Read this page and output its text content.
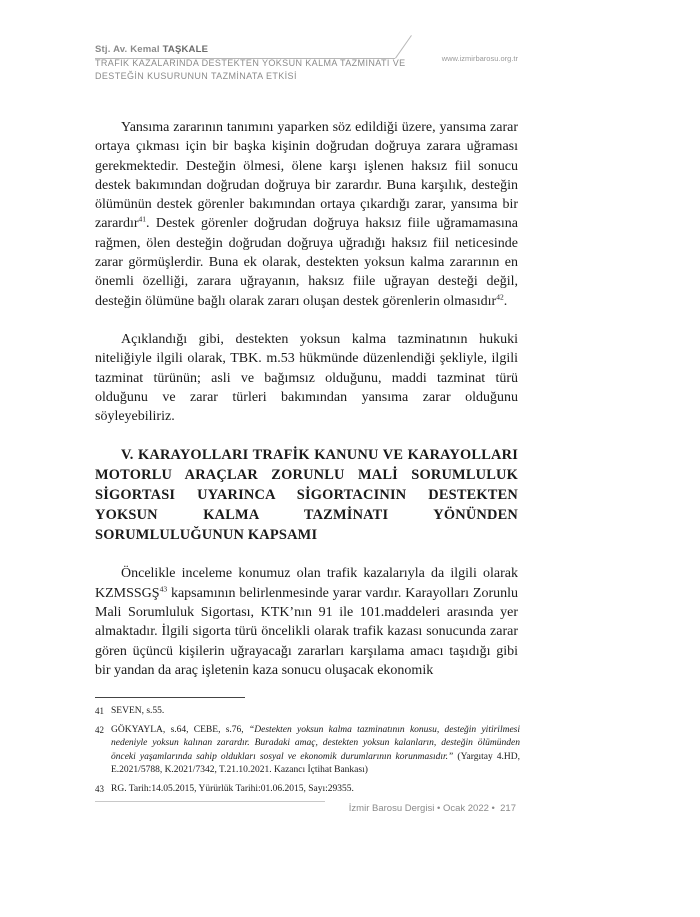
Stj. Av. Kemal TAŞKALE
TRAFİK KAZALARINDA DESTEKTEN YOKSUN KALMA TAZMİNATI VE
DESTEĞİN KUSURUNUN TAZMİNATA ETKİSİ
www.izmirbarosu.org.tr

Yansıma zararının tanımını yaparken söz edildiği üzere, yansıma zarar ortaya çıkması için bir başka kişinin doğrudan doğruya zarara uğraması gerekmektedir. Desteğin ölmesi, ölene karşı işlenen haksız fiil sonucu destek bakımından doğrudan doğruya bir zarardır. Buna karşılık, desteğin ölümünün destek görenler bakımından ortaya çıkardığı zarar, yansıma bir zarardır$^{41}$. Destek görenler doğrudan doğruya haksız fiile uğramamasına rağmen, ölen desteğin doğrudan doğruya uğradığı haksız fiil neticesinde zarar görmüşlerdir. Buna ek olarak, destekten yoksun kalma zararının en önemli özelliği, zarara uğrayanın, haksız fiile uğrayan desteği değil, desteğin ölümüne bağlı olarak zararı oluşan destek görenlerin olmasıdır$^{42}$.

Açıklandığı gibi, destekten yoksun kalma tazminatının hukuki niteliğiyle ilgili olarak, TBK. m.53 hükmünde düzenlendiği şekliyle, ilgili tazminat türünün; asli ve bağımsız olduğunu, maddi tazminat türü olduğunu ve zarar türleri bakımından yansıma zarar olduğunu söyleyebiliriz.

V. KARAYOLLARI TRAFİK KANUNU VE KARAYOLLARI MOTORLU ARAÇLAR ZORUNLU MALİ SORUMLULUK SİGORTASI UYARINCA SİGORTACININ DESTEKTEN YOKSUN KALMA TAZMİNATI YÖNÜNDEN SORUMLULUĞUNUN KAPSAMI

Öncelikle inceleme konumuz olan trafik kazalarıyla da ilgili olarak KZMSSGŞ$^{43}$ kapsamının belirlenmesinde yarar vardır. Karayolları Zorunlu Mali Sorumluluk Sigortası, KTK’nın 91 ile 101.maddeleri arasında yer almaktadır. İlgili sigorta türü öncelikli olarak trafik kazası sonucunda zarar gören üçüncü kişilerin uğrayacağı zararları karşılama amacı taşıdığı gibi bir yandan da araç işletenin kaza sonucu oluşacak ekonomik

41 SEVEN, s.55.
42 GÖKYAYLA, s.64, CEBE, s.76, “Destekten yoksun kalma tazminatının konusu, desteğin yitirilmesi nedeniyle yoksun kalınan zarardır. Buradaki amaç, destekten yoksun kalanların, desteğin ölümünden önceki yaşamlarında sahip oldukları sosyal ve ekonomik durumlarının korunmasıdır.” (Yargıtay 4.HD, E.2021/5788, K.2021/7342, T.21.10.2021. Kazancı İçtihat Bankası)
43 RG. Tarih:14.05.2015, Yürürlük Tarihi:01.06.2015, Sayı:29355.
İzmir Barosu Dergisi • Ocak 2022 • 217
